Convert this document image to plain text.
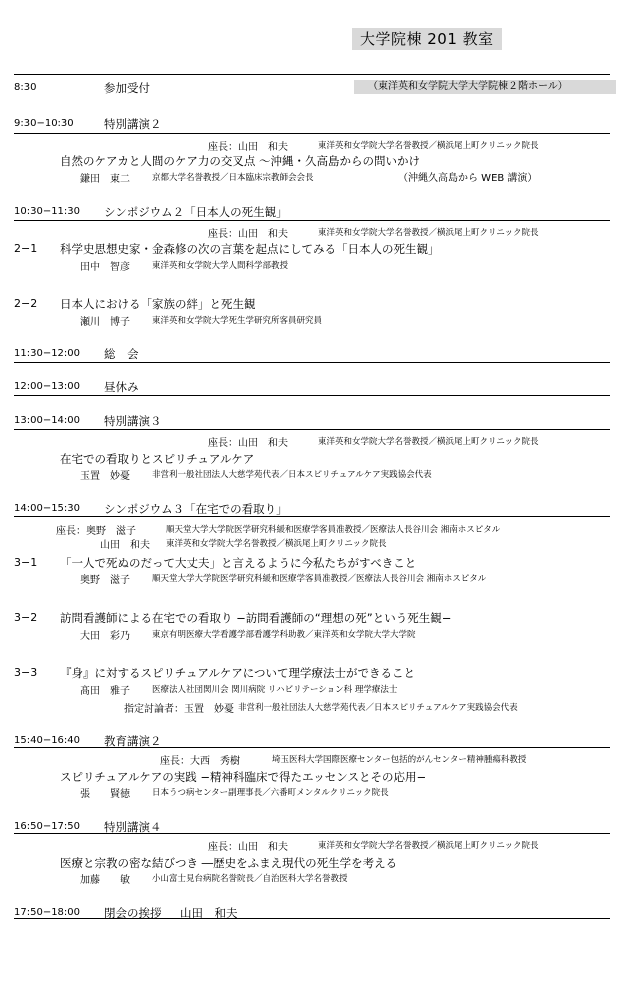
大学院棟 201 教室
8:30	参加受付	（東洋英和女学院大学大学院棟２階ホール）
9:30−10:30	特別講演２
座長：山田　和夫	東洋英和女学院大学名誉教授／横浜尾上町クリニック院長
自然のケアカと人間のケア力の交叉点 〜沖縄・久高島からの問いかけ
鎌田　東二	京都大学名誉教授／日本臨床宗教師会会長	（沖縄久高島から WEB 講演）
10:30−11:30 シンポジウム２「日本人の死生観」
座長：山田　和夫	東洋英和女学院大学名誉教授／横浜尾上町クリニック院長
2−1 科学史思想史家・金森修の次の言葉を起点にしてみる「日本人の死生観」
田中　智彦	東洋英和女学院大学人間科学部教授
2−2 日本人における「家族の絆」と死生観
瀬川　博子	東洋英和女学院大学死生学研究所客員研究員
11:30−12:00 総　会
12:00−13:00 昼休み
13:00−14:00 特別講演３
座長：山田　和夫	東洋英和女学院大学名誉教授／横浜尾上町クリニック院長
在宅での看取りとスピリチュアルケア
玉置　妙憂	非営利一般社団法人大慈学苑代表／日本スピリチュアルケア実践協会代表
14:00−15:30 シンポジウム３「在宅での看取り」
座長：奥野　滋子	順天堂大学大学院医学研究科緩和医療学客員准教授／医療法人長谷川会 湘南ホスピタル
山田　和夫 東洋英和女学院大学名誉教授／横浜尾上町クリニック院長
3−1 「一人で死ぬのだって大丈夫」と言えるように今私たちがすべきこと
奥野　滋子	順天堂大学大学院医学研究科緩和医療学客員准教授／医療法人長谷川会 湘南ホスピタル
3−2 訪問看護師による在宅での看取り −訪問看護師の“理想の死”という死生観−
大田　彩乃	東京有明医療大学看護学部看護学科助教／東洋英和女学院大学大学院
3−3 『身』に対するスピリチュアルケアについて理学療法士ができること
髙田　雅子	医療法人社団関川会 関川病院 リハビリテーション科 理学療法士
指定討論者：玉置　妙憂 非営利一般社団法人大慈学苑代表／日本スピリチュアルケア実践協会代表
15:40−16:40 教育講演２
座長：大西　秀樹	埼玉医科大学国際医療センター包括的がんセンター精神腫瘍科教授
スピリチュアルケアの実践 −精神科臨床で得たエッセンスとその応用−
張　　賢徳	日本うつ病センター副理事長／六番町メンタルクリニック院長
16:50−17:50 特別講演４
座長：山田　和夫	東洋英和女学院大学名誉教授／横浜尾上町クリニック院長
医療と宗教の密な結びつき ―歴史をふまえ現代の死生学を考える
加藤　　敏	小山富士見台病院名誉院長／自治医科大学名誉教授
17:50−18:00 閉会の挨拶 山田　和夫
